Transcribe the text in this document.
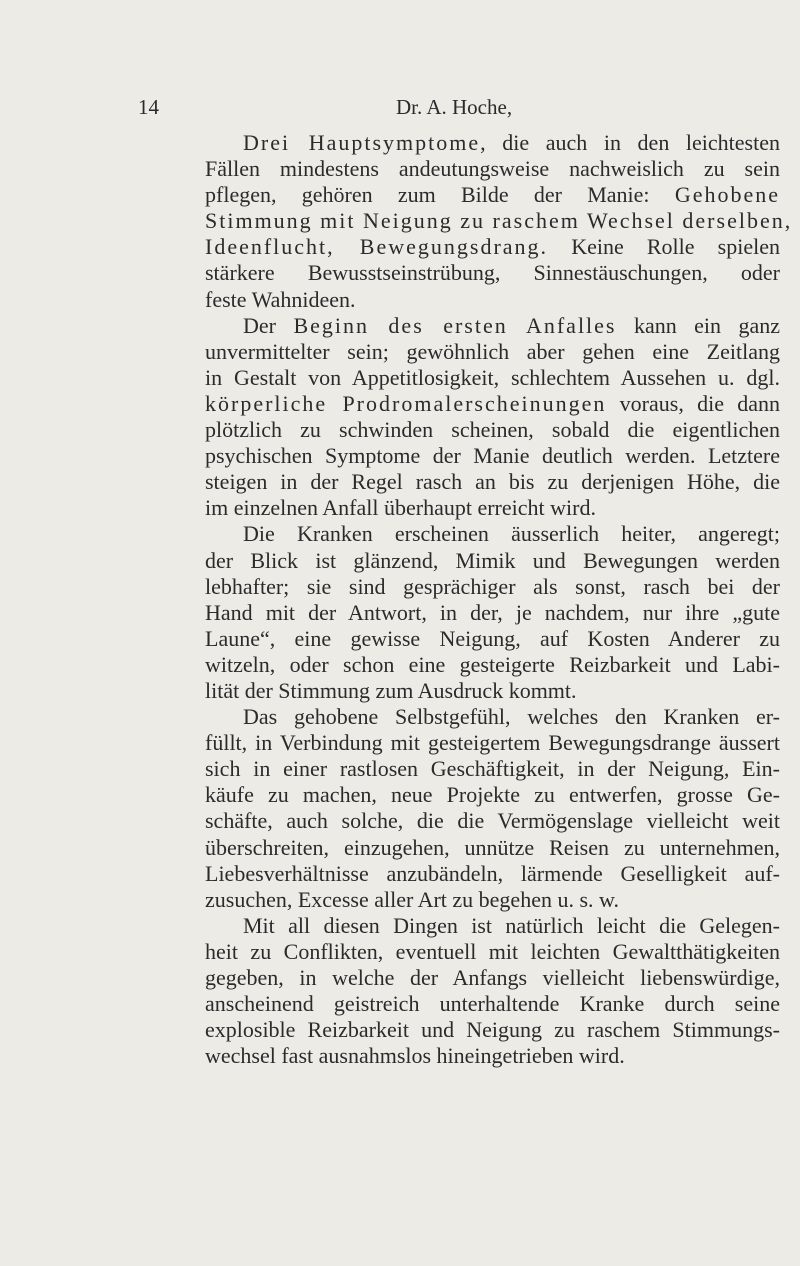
14	Dr. A. Hoche,
Drei Hauptsymptome, die auch in den leichtesten
Fällen mindestens andeutungsweise nachweislich zu sein
pflegen, gehören zum Bilde der Manie: Gehobene
Stimmung mit Neigung zu raschem Wechsel derselben,
Ideenflucht, Bewegungsdrang. Keine Rolle spielen
stärkere Bewusstseinstrübung, Sinnestäuschungen, oder
feste Wahnideen.
Der Beginn des ersten Anfalles kann ein ganz
unvermittelter sein; gewöhnlich aber gehen eine Zeitlang
in Gestalt von Appetitlosigkeit, schlechtem Aussehen u. dgl.
körperliche Prodromalerscheinungen voraus, die dann
plötzlich zu schwinden scheinen, sobald die eigentlichen
psychischen Symptome der Manie deutlich werden. Letztere
steigen in der Regel rasch an bis zu derjenigen Höhe, die
im einzelnen Anfall überhaupt erreicht wird.
Die Kranken erscheinen äusserlich heiter, angeregt;
der Blick ist glänzend, Mimik und Bewegungen werden
lebhafter; sie sind gesprächiger als sonst, rasch bei der
Hand mit der Antwort, in der, je nachdem, nur ihre „gute
Laune“, eine gewisse Neigung, auf Kosten Anderer zu
witzeln, oder schon eine gesteigerte Reizbarkeit und Labi-
lität der Stimmung zum Ausdruck kommt.
Das gehobene Selbstgefühl, welches den Kranken er-
füllt, in Verbindung mit gesteigertem Bewegungsdrange äussert
sich in einer rastlosen Geschäftigkeit, in der Neigung, Ein-
käufe zu machen, neue Projekte zu entwerfen, grosse Ge-
schäfte, auch solche, die die Vermögenslage vielleicht weit
überschreiten, einzugehen, unnütze Reisen zu unternehmen,
Liebesverhältnisse anzubändeln, lärmende Geselligkeit auf-
zusuchen, Excesse aller Art zu begehen u. s. w.
Mit all diesen Dingen ist natürlich leicht die Gelegen-
heit zu Conflikten, eventuell mit leichten Gewaltthätigkeiten
gegeben, in welche der Anfangs vielleicht liebenswürdige,
anscheinend geistreich unterhaltende Kranke durch seine
explosible Reizbarkeit und Neigung zu raschem Stimmungs-
wechsel fast ausnahmslos hineingetrieben wird.
